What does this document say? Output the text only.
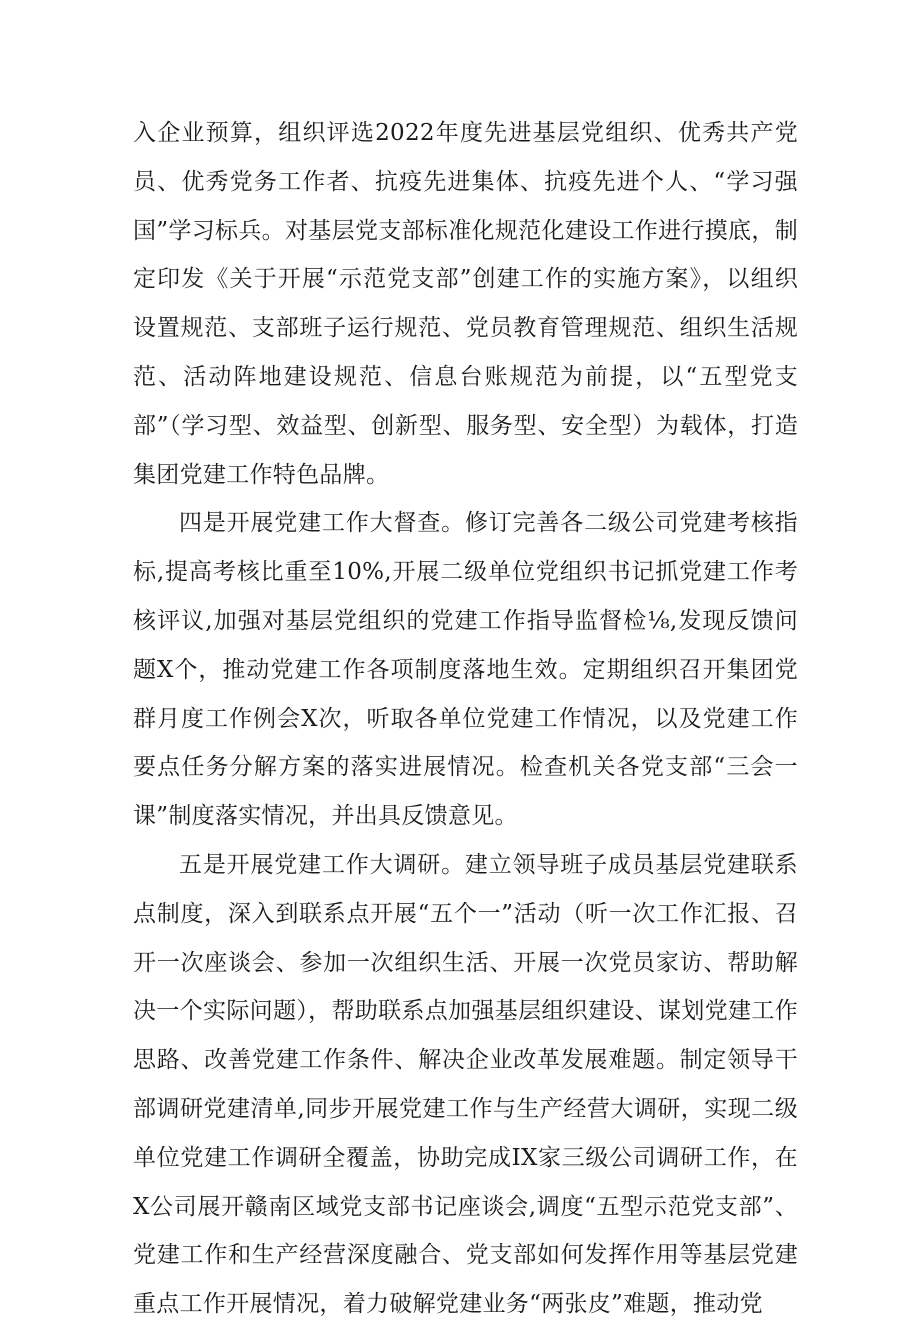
入企业预算，组织评选2022年度先进基层党组织、优秀共产党员、优秀党务工作者、抗疫先进集体、抗疫先进个人、“学习强国”学习标兵。对基层党支部标准化规范化建设工作进行摸底，制定印发《关于开展“示范党支部”创建工作的实施方案》，以组织设置规范、支部班子运行规范、党员教育管理规范、组织生活规范、活动阵地建设规范、信息台账规范为前提，以“五型党支部”（学习型、效益型、创新型、服务型、安全型）为载体，打造集团党建工作特色品牌。

四是开展党建工作大督查。修订完善各二级公司党建考核指标,提高考核比重至10%,开展二级单位党组织书记抓党建工作考核评议,加强对基层党组织的党建工作指导监督检⅛,发现反馈问题X个，推动党建工作各项制度落地生效。定期组织召开集团党群月度工作例会X次，听取各单位党建工作情况，以及党建工作要点任务分解方案的落实进展情况。检查机关各党支部“三会一课”制度落实情况，并出具反馈意见。

五是开展党建工作大调研。建立领导班子成员基层党建联系点制度，深入到联系点开展“五个一”活动（听一次工作汇报、召开一次座谈会、参加一次组织生活、开展一次党员家访、帮助解决一个实际问题），帮助联系点加强基层组织建设、谋划党建工作思路、改善党建工作条件、解决企业改革发展难题。制定领导干部调研党建清单,同步开展党建工作与生产经营大调研，实现二级单位党建工作调研全覆盖，协助完成IX家三级公司调研工作，在X公司展开赣南区域党支部书记座谈会,调度“五型示范党支部”、党建工作和生产经营深度融合、党支部如何发挥作用等基层党建重点工作开展情况，着力破解党建业务“两张皮”难题，推动党
